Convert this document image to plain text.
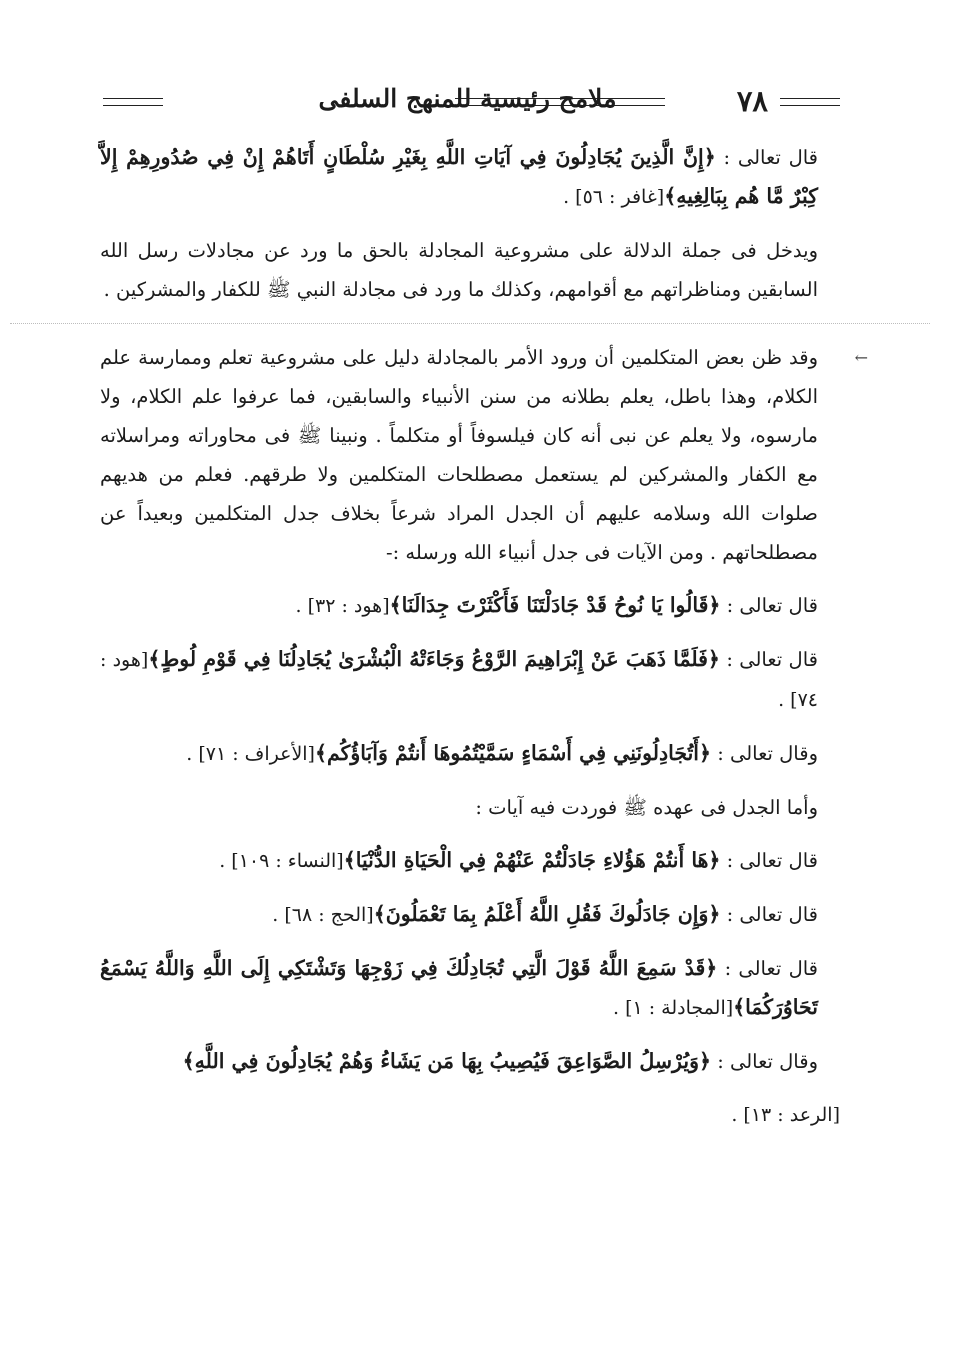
٧٨
ملامح رئيسية للمنهج السلفى

قال تعالى : ﴿إِنَّ الَّذِينَ يُجَادِلُونَ فِي آيَاتِ اللَّهِ بِغَيْرِ سُلْطَانٍ أَتَاهُمْ إِنْ فِي صُدُورِهِمْ إِلاَّ كِبْرٌ مَّا هُم بِبَالِغِيهِ﴾[غافر : ٥٦] .

ويدخل فى جملة الدلالة على مشروعية المجادلة بالحق ما ورد عن مجادلات رسل الله السابقين ومناظراتهم مع أقوامهم، وكذلك ما ورد فى مجادلة النبي ﷺ للكفار والمشركين .

←
وقد ظن بعض المتكلمين أن ورود الأمر بالمجادلة دليل على مشروعية تعلم وممارسة علم الكلام، وهذا باطل، يعلم بطلانه من سنن الأنبياء والسابقين، فما عرفوا علم الكلام، ولا مارسوه، ولا يعلم عن نبى أنه كان فيلسوفاً أو متكلماً . ونبينا ﷺ فى محاوراته ومراسلاته مع الكفار والمشركين لم يستعمل مصطلحات المتكلمين ولا طرقهم. فعلم من هديهم صلوات الله وسلامه عليهم أن الجدل المراد شرعاً بخلاف جدل المتكلمين وبعيداً عن مصطلحاتهم . ومن الآيات فى جدل أنبياء الله ورسله :-

قال تعالى : ﴿قَالُوا يَا نُوحُ قَدْ جَادَلْتَنَا فَأَكْثَرْتَ جِدَالَنَا﴾[هود : ٣٢] .

قال تعالى : ﴿فَلَمَّا ذَهَبَ عَنْ إِبْرَاهِيمَ الرَّوْعُ وَجَاءَتْهُ الْبُشْرَىٰ يُجَادِلُنَا فِي قَوْمِ لُوطٍ﴾[هود : ٧٤] .

وقال تعالى : ﴿أَتُجَادِلُونَنِي فِي أَسْمَاءٍ سَمَّيْتُمُوهَا أَنتُمْ وَآبَاؤُكُم﴾[الأعراف : ٧١] .

وأما الجدل فى عهده ﷺ فوردت فيه آيات :

قال تعالى : ﴿هَا أَنتُمْ هَؤُلاءِ جَادَلْتُمْ عَنْهُمْ فِي الْحَيَاةِ الدُّنْيَا﴾[النساء : ١٠٩] .

قال تعالى : ﴿وَإِن جَادَلُوكَ فَقُلِ اللَّهُ أَعْلَمُ بِمَا تَعْمَلُونَ﴾[الحج : ٦٨] .

قال تعالى : ﴿قَدْ سَمِعَ اللَّهُ قَوْلَ الَّتِي تُجَادِلُكَ فِي زَوْجِهَا وَتَشْتَكِي إِلَى اللَّهِ وَاللَّهُ يَسْمَعُ تَحَاوُرَكُمَا﴾[المجادلة : ١] .

وقال تعالى : ﴿وَيُرْسِلُ الصَّوَاعِقَ فَيُصِيبُ بِهَا مَن يَشَاءُ وَهُمْ يُجَادِلُونَ فِي اللَّهِ﴾

[الرعد : ١٣] .
